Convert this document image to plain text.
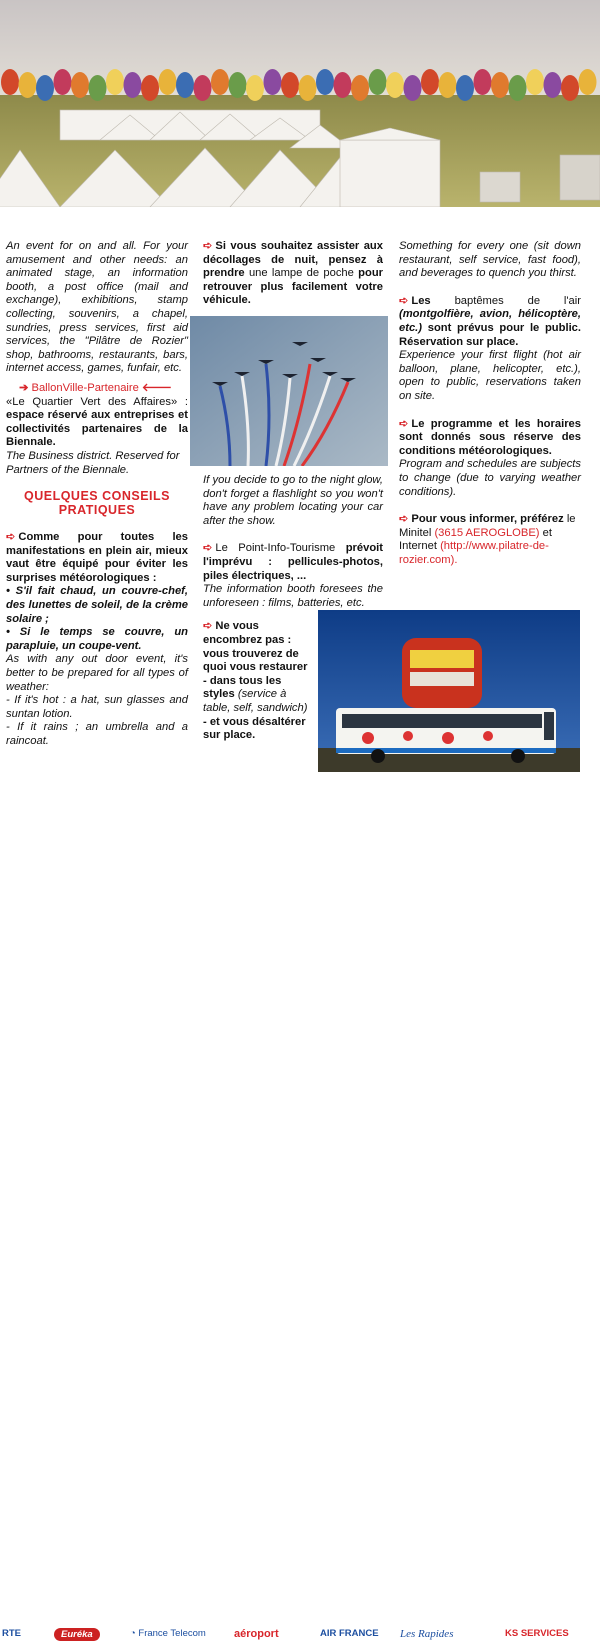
An event for on and all. For your amusement and other needs: an animated stage, an information booth, a post office (mail and exchange), exhibitions, stamp collecting, souvenirs, a chapel, sundries, press services, first aid services, the "Pilâtre de Rozier" shop, bathrooms, restaurants, bars, internet access, games, funfair, etc.

➔ BallonVille-Partenaire 🡐

«Le Quartier Vert des Affaires» : espace réservé aux entreprises et collectivités partenaires de la Biennale.

The Business district. Reserved for Partners of the Biennale.

QUELQUES CONSEILS
PRATIQUES

➪ Comme pour toutes les manifestations en plein air, mieux vaut être équipé pour éviter les surprises météorologiques :

• S'il fait chaud, un couvre-chef, des lunettes de soleil, de la crème solaire ;

• Si le temps se couvre, un parapluie, un coupe-vent.

As with any out door event, it's better to be prepared for all types of weather:

- If it's hot : a hat, sun glasses and suntan lotion.

- If it rains ; an umbrella and a raincoat.

➪ Si vous souhaitez assister aux décollages de nuit, pensez à prendre une lampe de poche pour retrouver plus facilement votre véhicule.

If you decide to go to the night glow, don't forget a flashlight so you won't have any problem locating your car after the show.

➪ Le Point-Info-Tourisme prévoit l'imprévu : pellicules-photos, piles électriques, ...

The information booth foresees the unforeseen : films, batteries, etc.

➪ Ne vous encombrez pas : vous trouverez de quoi vous restaurer - dans tous les styles (service à table, self, sandwich) - et vous désaltérer sur place.

Something for every one (sit down restaurant, self service, fast food), and beverages to quench you thirst.

➪ Les baptêmes de l'air (montgolfière, avion, hélicoptère, etc.) sont prévus pour le public. Réservation sur place.

Experience your first flight (hot air balloon, plane, helicopter, etc.), open to public, reservations taken on site.

➪ Le programme et les horaires sont donnés sous réserve des conditions météorologiques.

Program and schedules are subjects to change (due to varying weather conditions).

➪ Pour vous informer, préférez le Minitel (3615 AEROGLOBE) et Internet (http://www.pilatre-de-rozier.com).

RTE	Euréka	◔ France Telecom	aéroport	AIR FRANCE Les Rapides	KS SERVICES
